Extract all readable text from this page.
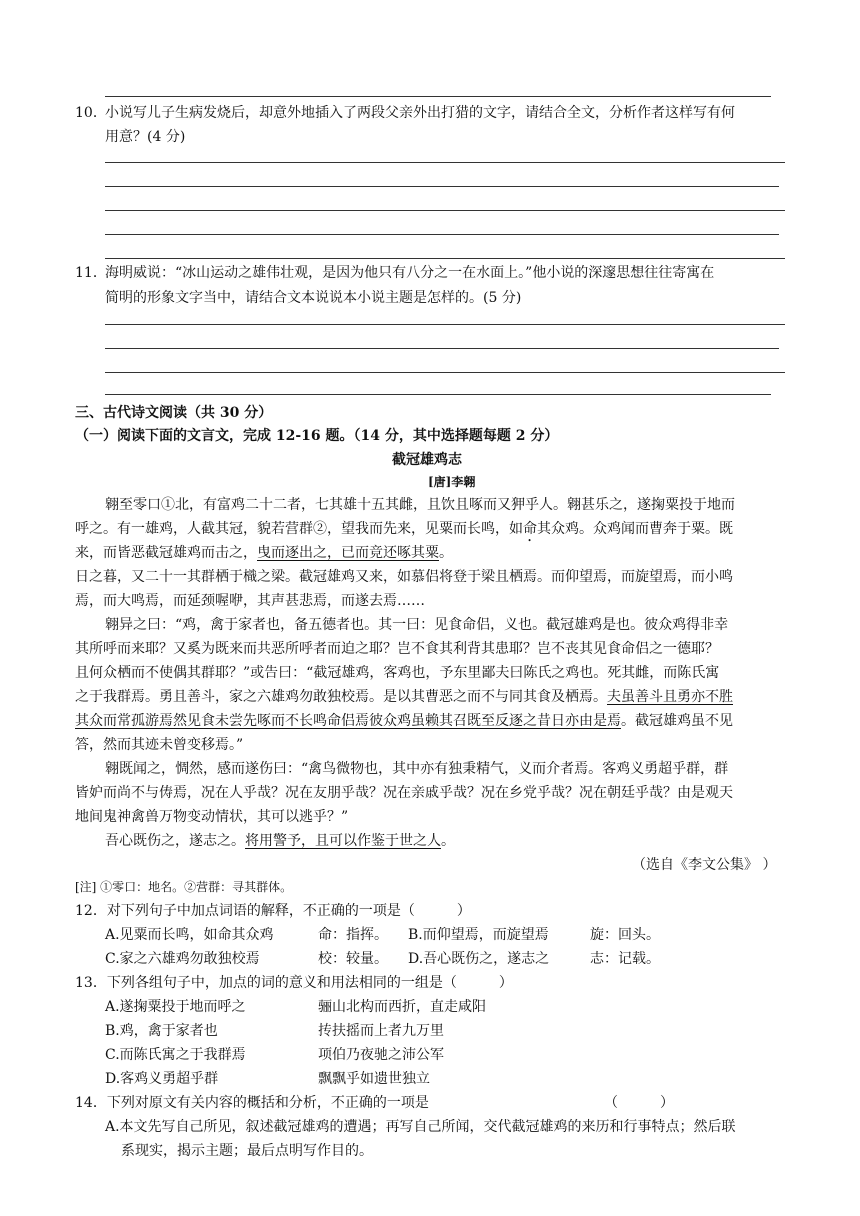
10．
小说写儿子生病发烧后，却意外地插入了两段父亲外出打猎的文字，请结合全文，分析作者这样写有何
用意？(4 分)
11．
海明威说：“冰山运动之雄伟壮观，是因为他只有八分之一在水面上。”他小说的深邃思想往往寄寓在
简明的形象文字当中，请结合文本说说本小说主题是怎样的。(5 分)
三、古代诗文阅读（共 30 分）
（一）阅读下面的文言文，完成 12-16 题。（14 分，其中选择题每题 2 分）
截冠雄鸡志
[唐]李翱
翱至零口①北，有富鸡二十二者，七其雄十五其雌，且饮且啄而又狎乎人。翱甚乐之，遂掬粟投于地而
呼之。有一雄鸡，人截其冠，貌若营群②，望我而先来，见粟而长鸣，如命其众鸡。众鸡闻而曹奔于粟。既
来，而皆恶截冠雄鸡而击之，曳而逐出之，已而竞还啄其粟。
日之暮，又二十一其群栖于樴之梁。截冠雄鸡又来，如慕侣将登于梁且栖焉。而仰望焉，而旋望焉，而小鸣
焉，而大鸣焉，而延颈喔咿，其声甚悲焉，而遂去焉……
翱异之曰：“鸡，禽于家者也，备五德者也。其一曰：见食命侣，义也。截冠雄鸡是也。彼众鸡得非幸
其所呼而来耶？又奚为既来而共恶所呼者而迫之耶？岂不食其利背其患耶？岂不丧其见食命侣之一德耶？
且何众栖而不使偶其群耶？”或告曰：“截冠雄鸡，客鸡也，予东里鄙夫曰陈氏之鸡也。死其雌，而陈氏寓
之于我群焉。勇且善斗，家之六雄鸡勿敢独校焉。是以其曹恶之而不与同其食及栖焉。夫虽善斗且勇亦不胜
其众而常孤游焉然见食未尝先啄而不长鸣命侣焉彼众鸡虽赖其召既至反逐之昔日亦由是焉。截冠雄鸡虽不见
答，然而其迹未曾变移焉。”
翱既闻之，惆然，感而遂伤曰：“禽鸟微物也，其中亦有独秉精气，义而介者焉。客鸡义勇超乎群，群
皆妒而尚不与俦焉，况在人乎哉？况在友朋乎哉？况在亲戚乎哉？况在乡党乎哉？况在朝廷乎哉？由是观天
地间鬼神禽兽万物变动情状，其可以逃乎？”
吾心既伤之，遂志之。将用警予，且可以作鉴于世之人。
（选自《李文公集》 ）
[注] ①零口：地名。②营群：寻其群体。
12．对下列句子中加点词语的解释，不正确的一项是（　　　）
A.见粟而长鸣，如命其众鸡	命：指挥。 B.而仰望焉，而旋望焉	旋：回头。
C.家之六雄鸡勿敢独校焉	校：较量。 D.吾心既伤之，遂志之	志：记载。
13．下列各组句子中，加点的词的意义和用法相同的一组是（　　　）
A.遂掬粟投于地而呼之	骊山北构而西折，直走咸阳
B.鸡，禽于家者也	抟扶摇而上者九万里
C.而陈氏寓之于我群焉	项伯乃夜驰之沛公军
D.客鸡义勇超乎群	飘飘乎如遗世独立
14．下列对原文有关内容的概括和分析，不正确的一项是	（　　　）
A.本文先写自己所见，叙述截冠雄鸡的遭遇；再写自己所闻，交代截冠雄鸡的来历和行事特点；然后联
系现实，揭示主题；最后点明写作目的。
